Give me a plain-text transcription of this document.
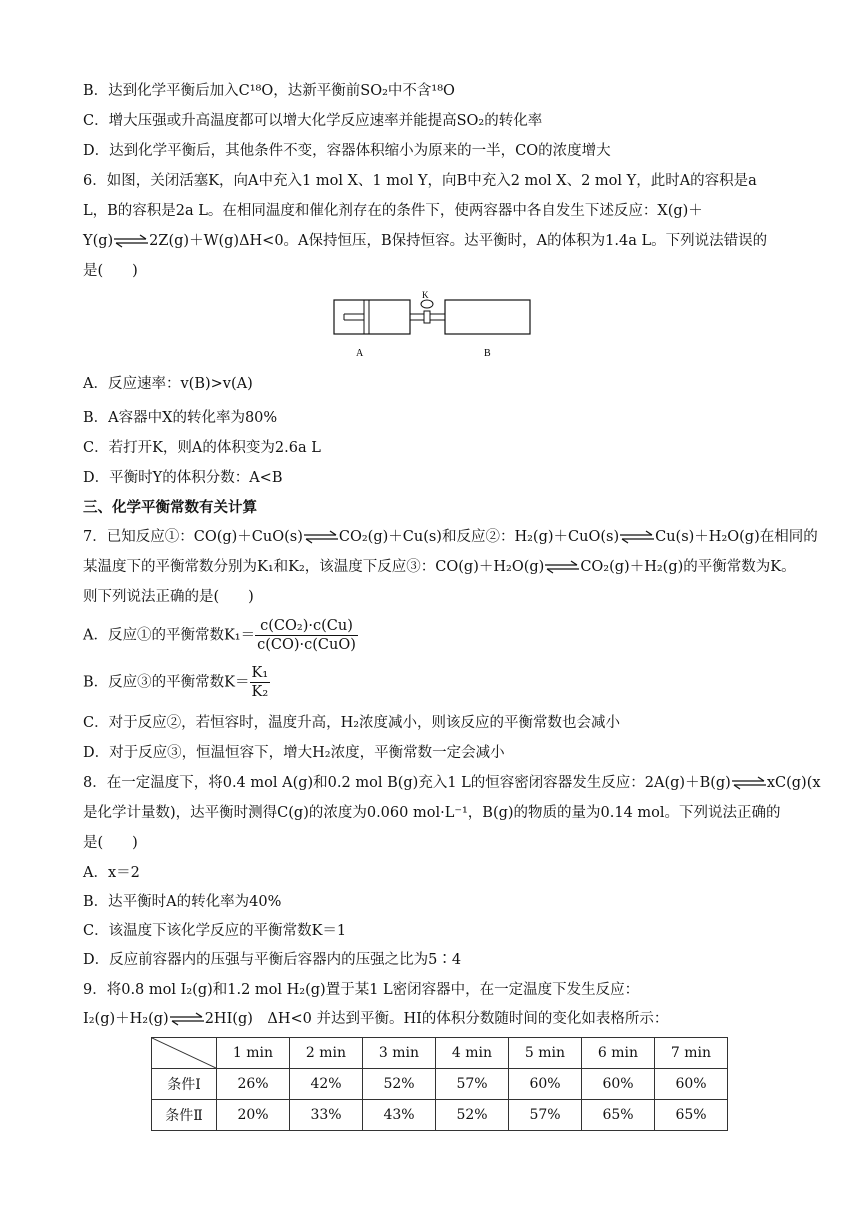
B．达到化学平衡后加入C¹⁸O，达新平衡前SO₂中不含¹⁸O
C．增大压强或升高温度都可以增大化学反应速率并能提高SO₂的转化率
D．达到化学平衡后，其他条件不变，容器体积缩小为原来的一半，CO的浓度增大
6．如图，关闭活塞K，向A中充入1 mol X、1 mol Y，向B中充入2 mol X、2 mol Y，此时A的容积是a
L，B的容积是2a L。在相同温度和催化剂存在的条件下，使两容器中各自发生下述反应：X(g)＋
Y(g) 2Z(g)＋W(g)ΔH<0。A保持恒压，B保持恒容。达平衡时，A的体积为1.4a L。下列说法错误的
是(　　)
K
A	B
A．反应速率：v(B)>v(A)
B．A容器中X的转化率为80%
C．若打开K，则A的体积变为2.6a L
D．平衡时Y的体积分数：A<B
三、化学平衡常数有关计算
7．已知反应①：CO(g)＋CuO(s) CO₂(g)＋Cu(s)和反应②：H₂(g)＋CuO(s) Cu(s)＋H₂O(g)在相同的
某温度下的平衡常数分别为K₁和K₂，该温度下反应③：CO(g)＋H₂O(g) CO₂(g)＋H₂(g)的平衡常数为K。
则下列说法正确的是(　　)
A．反应①的平衡常数$K_1= \frac{\text{c(CO₂)·c(Cu)}}{\text{c(CO)·c(CuO)}}$
B．反应③的平衡常数$K= \frac{\text{K₁}}{\text{K₂}}$
C．对于反应②，若恒容时，温度升高，H₂浓度减小，则该反应的平衡常数也会减小
D．对于反应③，恒温恒容下，增大H₂浓度，平衡常数一定会减小
8．在一定温度下，将0.4 mol A(g)和0.2 mol B(g)充入1 L的恒容密闭容器发生反应：2A(g)＋B(g) xC(g)(x
是化学计量数)，达平衡时测得C(g)的浓度为0.060 mol·L⁻¹，B(g)的物质的量为0.14 mol。下列说法正确的
是(　　)
A．x＝2
B．达平衡时A的转化率为40%
C．该温度下该化学反应的平衡常数K＝1
D．反应前容器内的压强与平衡后容器内的压强之比为5∶4
9．将0.8 mol I₂(g)和1.2 mol H₂(g)置于某1 L密闭容器中，在一定温度下发生反应：
I₂(g)＋H₂(g) 2HI(g)　ΔH<0 并达到平衡。HI的体积分数随时间的变化如表格所示：
	1 min	2 min	3 min	4 min	5 min	6 min	7 min
条件Ⅰ	26%	42%	52%	57%	60%	60%	60%
条件Ⅱ	20%	33%	43%	52%	57%	65%	65%
